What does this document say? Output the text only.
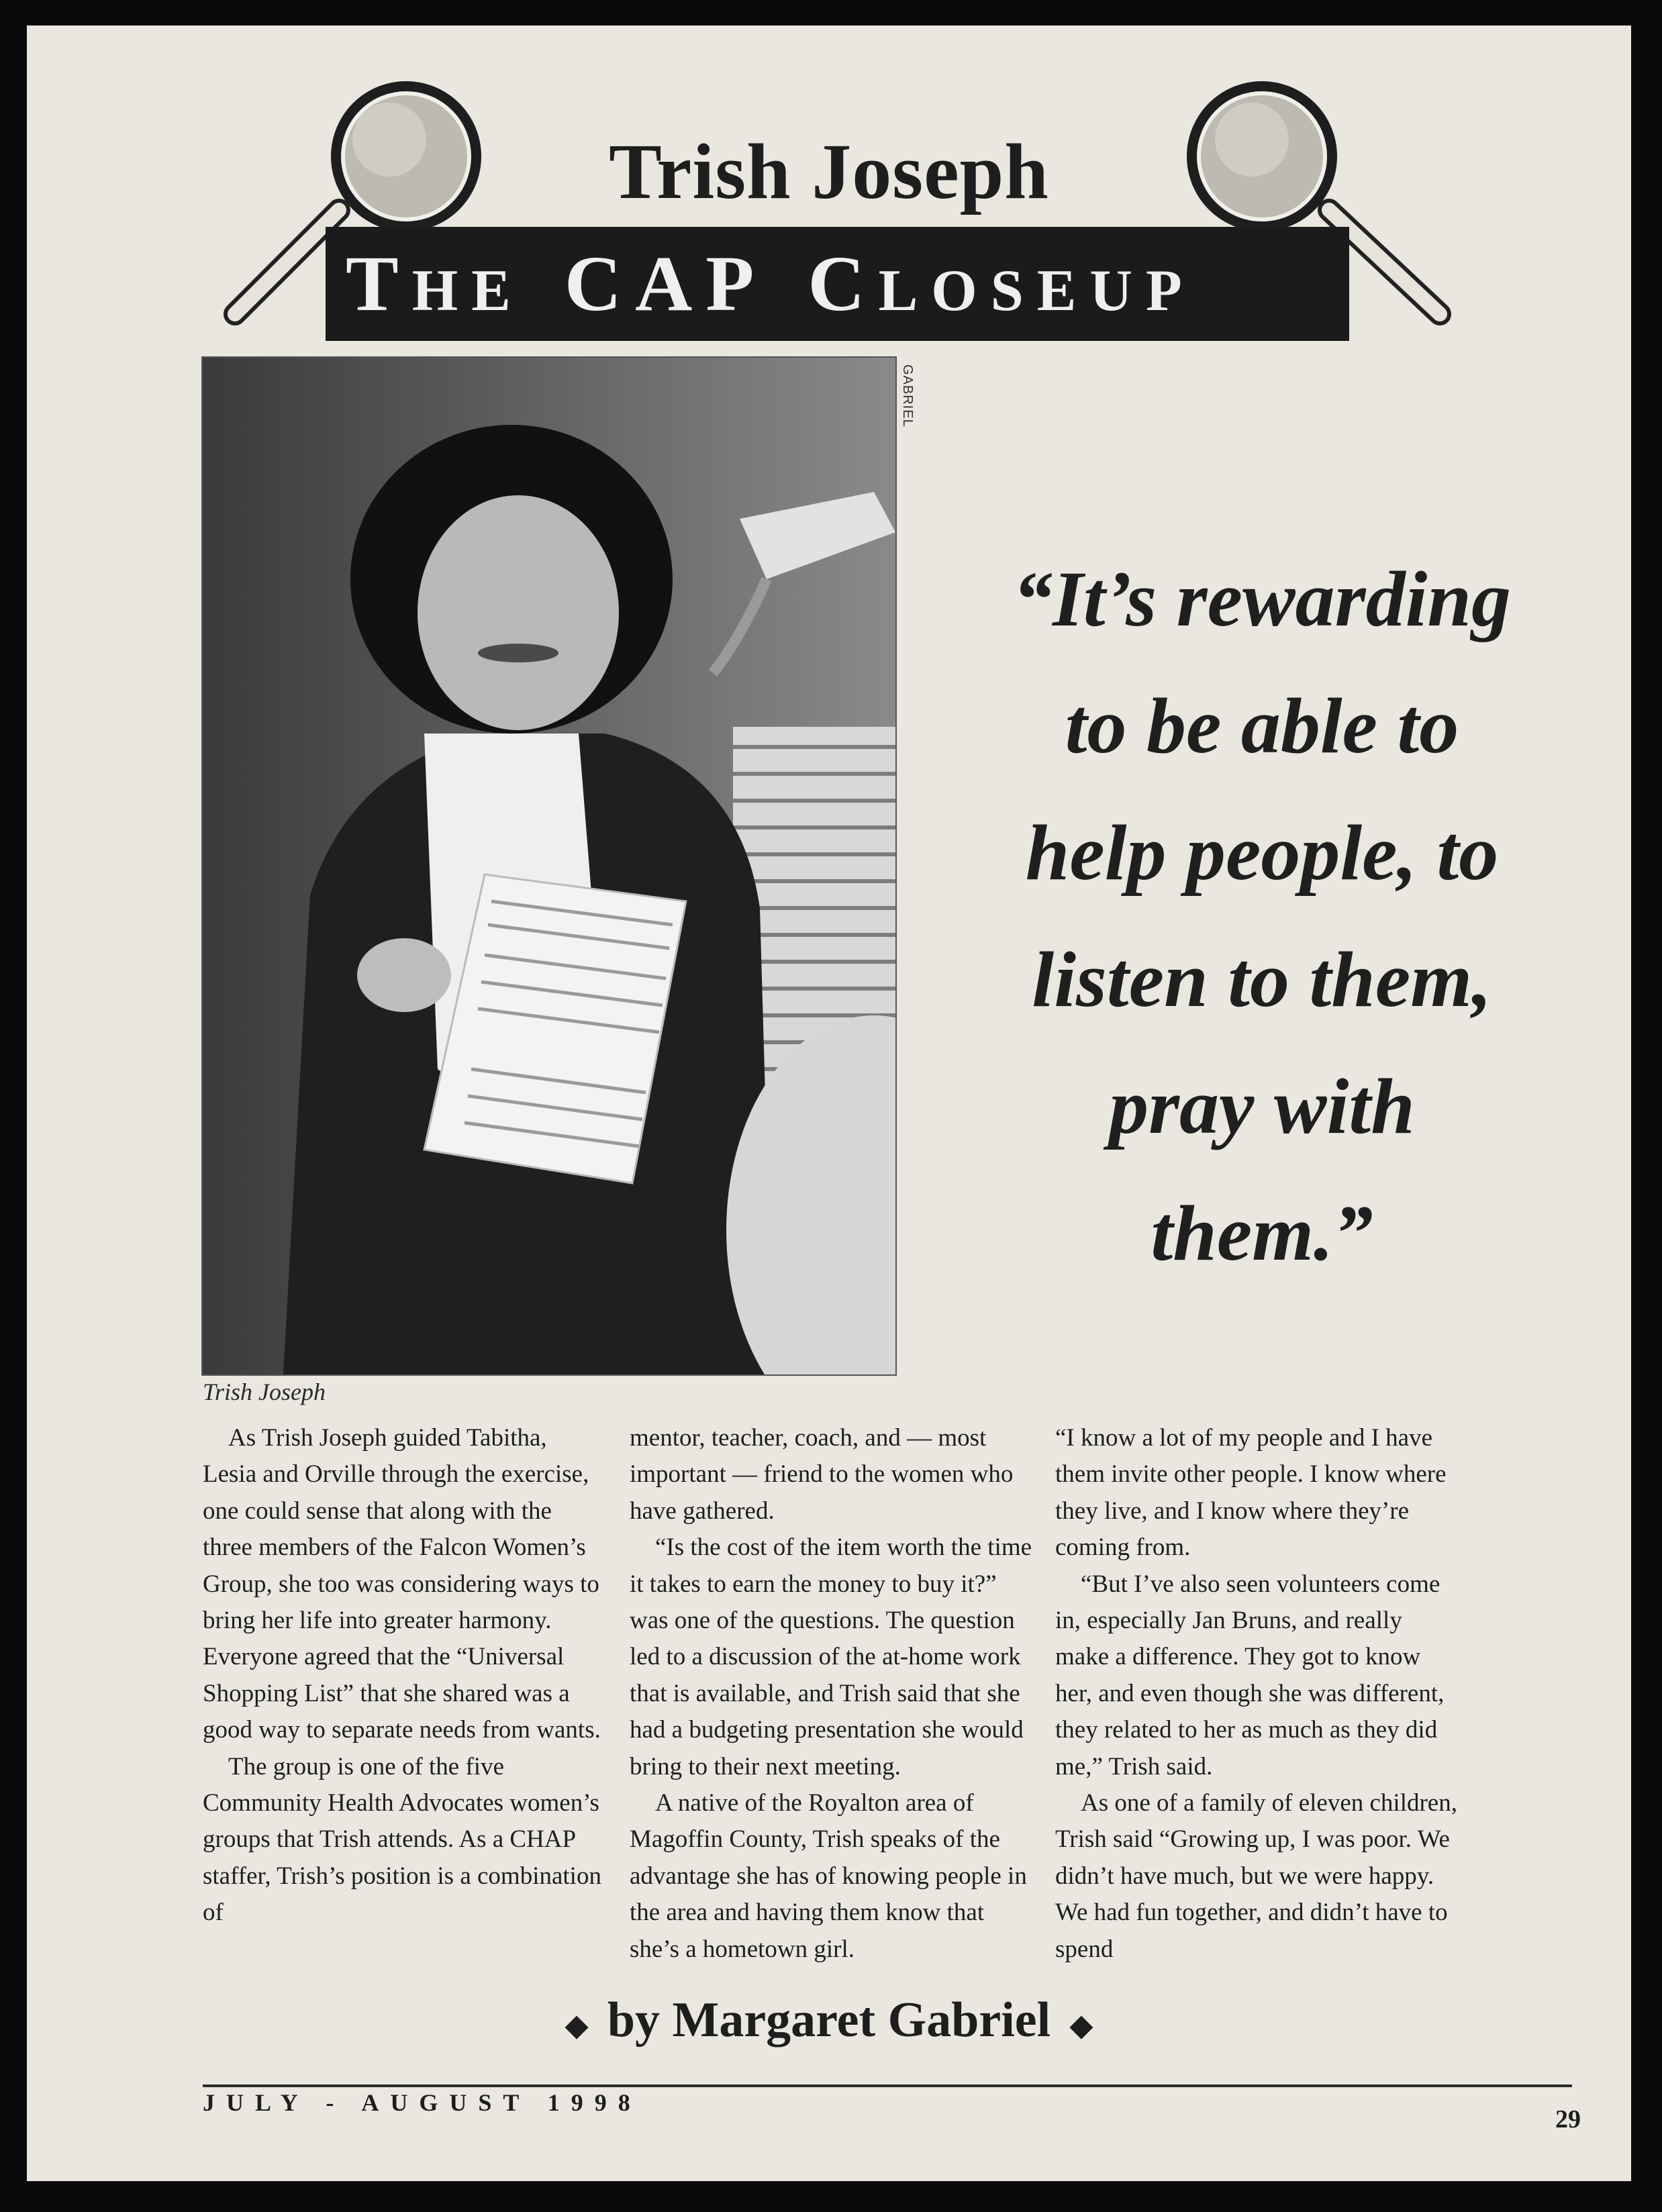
Trish Joseph
THE CAP CLOSEUP
GABRIEL
Trish Joseph
“It’s rewarding
to be able to
help people, to
listen to them,
pray with
them.”

As Trish Joseph guided Tabitha, Lesia and Orville through the exercise, one could sense that along with the three members of the Falcon Women’s Group, she too was considering ways to bring her life into greater harmony. Everyone agreed that the “Universal Shopping List” that she shared was a good way to separate needs from wants.

The group is one of the five Community Health Advocates women’s groups that Trish attends. As a CHAP staffer, Trish’s position is a combination of

mentor, teacher, coach, and — most important — friend to the women who have gathered.

“Is the cost of the item worth the time it takes to earn the money to buy it?” was one of the questions. The question led to a discussion of the at-home work that is available, and Trish said that she had a budgeting presentation she would bring to their next meeting.

A native of the Royalton area of Magoffin County, Trish speaks of the advantage she has of knowing people in the area and having them know that she’s a hometown girl.

“I know a lot of my people and I have them invite other people. I know where they live, and I know where they’re coming from.

“But I’ve also seen volunteers come in, especially Jan Bruns, and really make a difference. They got to know her, and even though she was different, they related to her as much as they did me,” Trish said.

As one of a family of eleven children, Trish said “Growing up, I was poor. We didn’t have much, but we were happy. We had fun together, and didn’t have to spend

◆ by Margaret Gabriel ◆
JULY - AUGUST 1998
29
